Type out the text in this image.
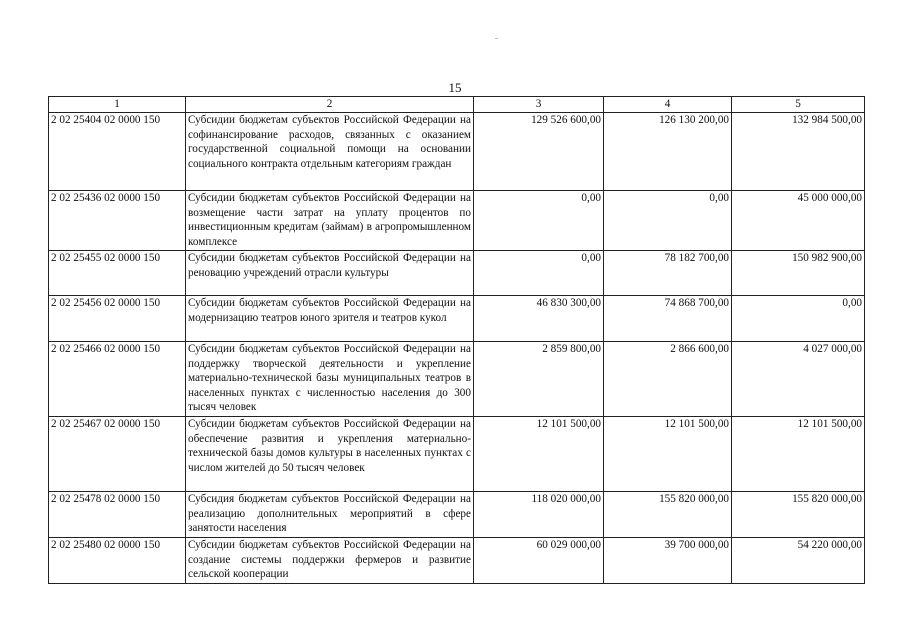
15
1	2	3	4	5
2 02 25404 02 0000 150	Субсидии бюджетам субъектов Российской Федерации на софинансирование расходов, связанных с оказанием государственной социальной помощи на основании социального контракта отдельным категориям граждан	129 526 600,00	126 130 200,00	132 984 500,00
2 02 25436 02 0000 150	Субсидии бюджетам субъектов Российской Федерации на возмещение части затрат на уплату процентов по инвестиционным кредитам (займам) в агропромышленном комплексе	0,00	0,00	45 000 000,00
2 02 25455 02 0000 150	Субсидии бюджетам субъектов Российской Федерации на реновацию учреждений отрасли культуры	0,00	78 182 700,00	150 982 900,00
2 02 25456 02 0000 150	Субсидии бюджетам субъектов Российской Федерации на модернизацию театров юного зрителя и театров кукол	46 830 300,00	74 868 700,00	0,00
2 02 25466 02 0000 150	Субсидии бюджетам субъектов Российской Федерации на поддержку творческой деятельности и укрепление материально-технической базы муниципальных театров в населенных пунктах с численностью населения до 300 тысяч человек	2 859 800,00	2 866 600,00	4 027 000,00
2 02 25467 02 0000 150	Субсидии бюджетам субъектов Российской Федерации на обеспечение развития и укрепления материально-технической базы домов культуры в населенных пунктах с числом жителей до 50 тысяч человек	12 101 500,00	12 101 500,00	12 101 500,00
2 02 25478 02 0000 150	Субсидия бюджетам субъектов Российской Федерации на реализацию дополнительных мероприятий в сфере занятости населения	118 020 000,00	155 820 000,00	155 820 000,00
2 02 25480 02 0000 150	Субсидии бюджетам субъектов Российской Федерации на создание системы поддержки фермеров и развитие сельской кооперации	60 029 000,00	39 700 000,00	54 220 000,00
